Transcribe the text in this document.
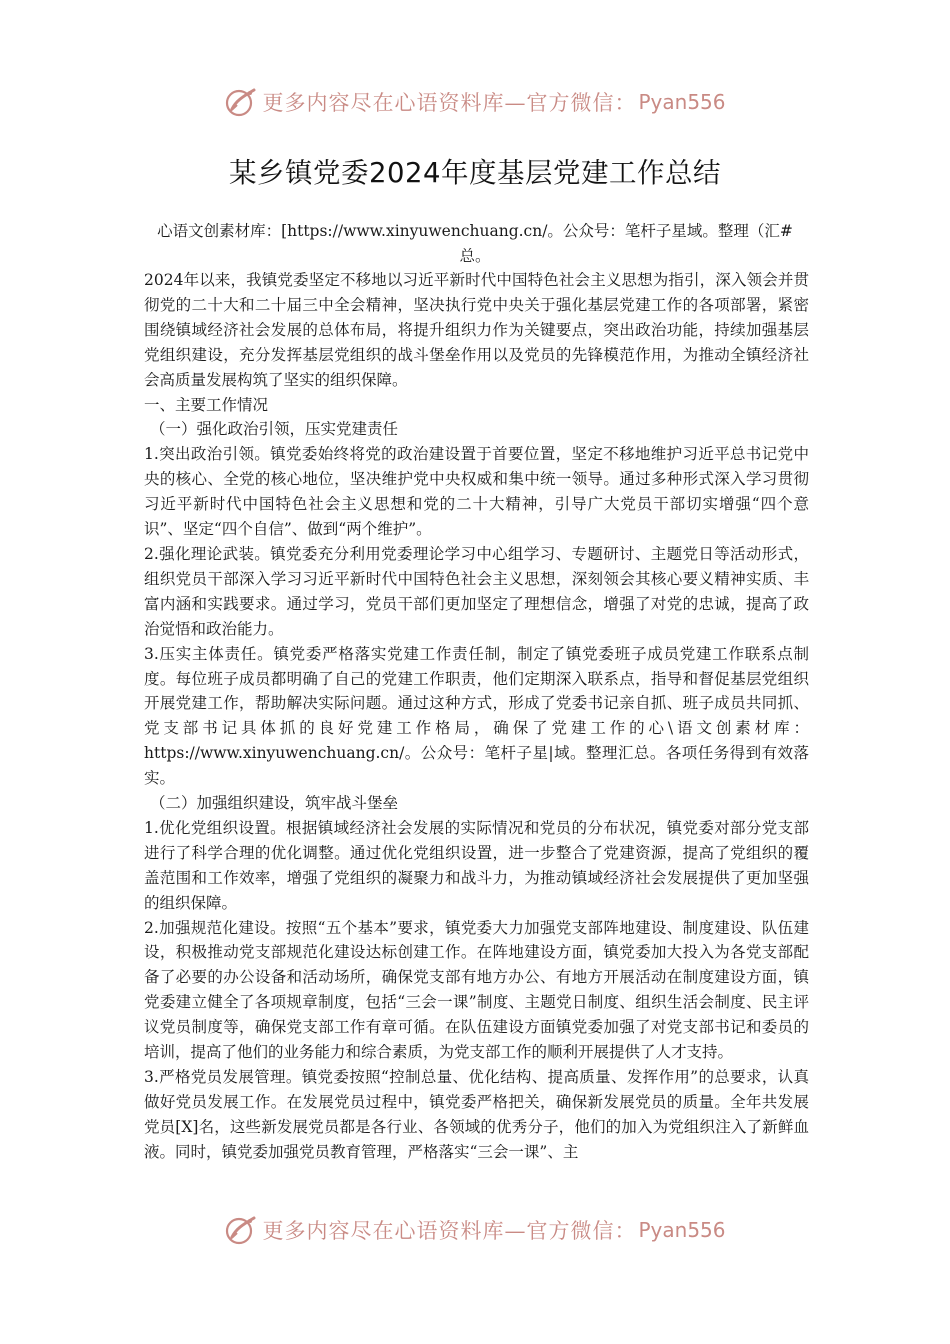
更多内容尽在心语资料库—官方微信： Pyan556
某乡镇党委2024年度基层党建工作总结

心语文创素材库：[https://www.xinyuwenchuang.cn/。公众号：笔杆子星域。整理（汇#总。

2024年以来，我镇党委坚定不移地以习近平新时代中国特色社会主义思想为指引，深入领会并贯彻党的二十大和二十届三中全会精神，坚决执行党中央关于强化基层党建工作的各项部署，紧密围绕镇域经济社会发展的总体布局，将提升组织力作为关键要点，突出政治功能，持续加强基层党组织建设，充分发挥基层党组织的战斗堡垒作用以及党员的先锋模范作用，为推动全镇经济社会高质量发展构筑了坚实的组织保障。

一、主要工作情况

（一）强化政治引领，压实党建责任

1.突出政治引领。镇党委始终将党的政治建设置于首要位置，坚定不移地维护习近平总书记党中央的核心、全党的核心地位，坚决维护党中央权威和集中统一领导。通过多种形式深入学习贯彻习近平新时代中国特色社会主义思想和党的二十大精神，引导广大党员干部切实增强“四个意识”、坚定“四个自信”、做到“两个维护”。

2.强化理论武装。镇党委充分利用党委理论学习中心组学习、专题研讨、主题党日等活动形式，组织党员干部深入学习习近平新时代中国特色社会主义思想，深刻领会其核心要义精神实质、丰富内涵和实践要求。通过学习，党员干部们更加坚定了理想信念，增强了对党的忠诚，提高了政治觉悟和政治能力。

3.压实主体责任。镇党委严格落实党建工作责任制，制定了镇党委班子成员党建工作联系点制度。每位班子成员都明确了自己的党建工作职责，他们定期深入联系点，指导和督促基层党组织开展党建工作，帮助解决实际问题。通过这种方式，形成了党委书记亲自抓、班子成员共同抓、党支部书记具体抓的良好党建工作格局，确保了党建工作的心\语文创素材库：https://www.xinyuwenchuang.cn/。公众号：笔杆子星|域。整理汇总。各项任务得到有效落实。

（二）加强组织建设，筑牢战斗堡垒

1.优化党组织设置。根据镇域经济社会发展的实际情况和党员的分布状况，镇党委对部分党支部进行了科学合理的优化调整。通过优化党组织设置，进一步整合了党建资源，提高了党组织的覆盖范围和工作效率，增强了党组织的凝聚力和战斗力，为推动镇域经济社会发展提供了更加坚强的组织保障。

2.加强规范化建设。按照“五个基本”要求，镇党委大力加强党支部阵地建设、制度建设、队伍建设，积极推动党支部规范化建设达标创建工作。在阵地建设方面，镇党委加大投入为各党支部配备了必要的办公设备和活动场所，确保党支部有地方办公、有地方开展活动在制度建设方面，镇党委建立健全了各项规章制度，包括“三会一课”制度、主题党日制度、组织生活会制度、民主评议党员制度等，确保党支部工作有章可循。在队伍建设方面镇党委加强了对党支部书记和委员的培训，提高了他们的业务能力和综合素质，为党支部工作的顺利开展提供了人才支持。

3.严格党员发展管理。镇党委按照“控制总量、优化结构、提高质量、发挥作用”的总要求，认真做好党员发展工作。在发展党员过程中，镇党委严格把关，确保新发展党员的质量。全年共发展党员[X]名，这些新发展党员都是各行业、各领域的优秀分子，他们的加入为党组织注入了新鲜血液。同时，镇党委加强党员教育管理，严格落实“三会一课”、主

更多内容尽在心语资料库—官方微信： Pyan556
